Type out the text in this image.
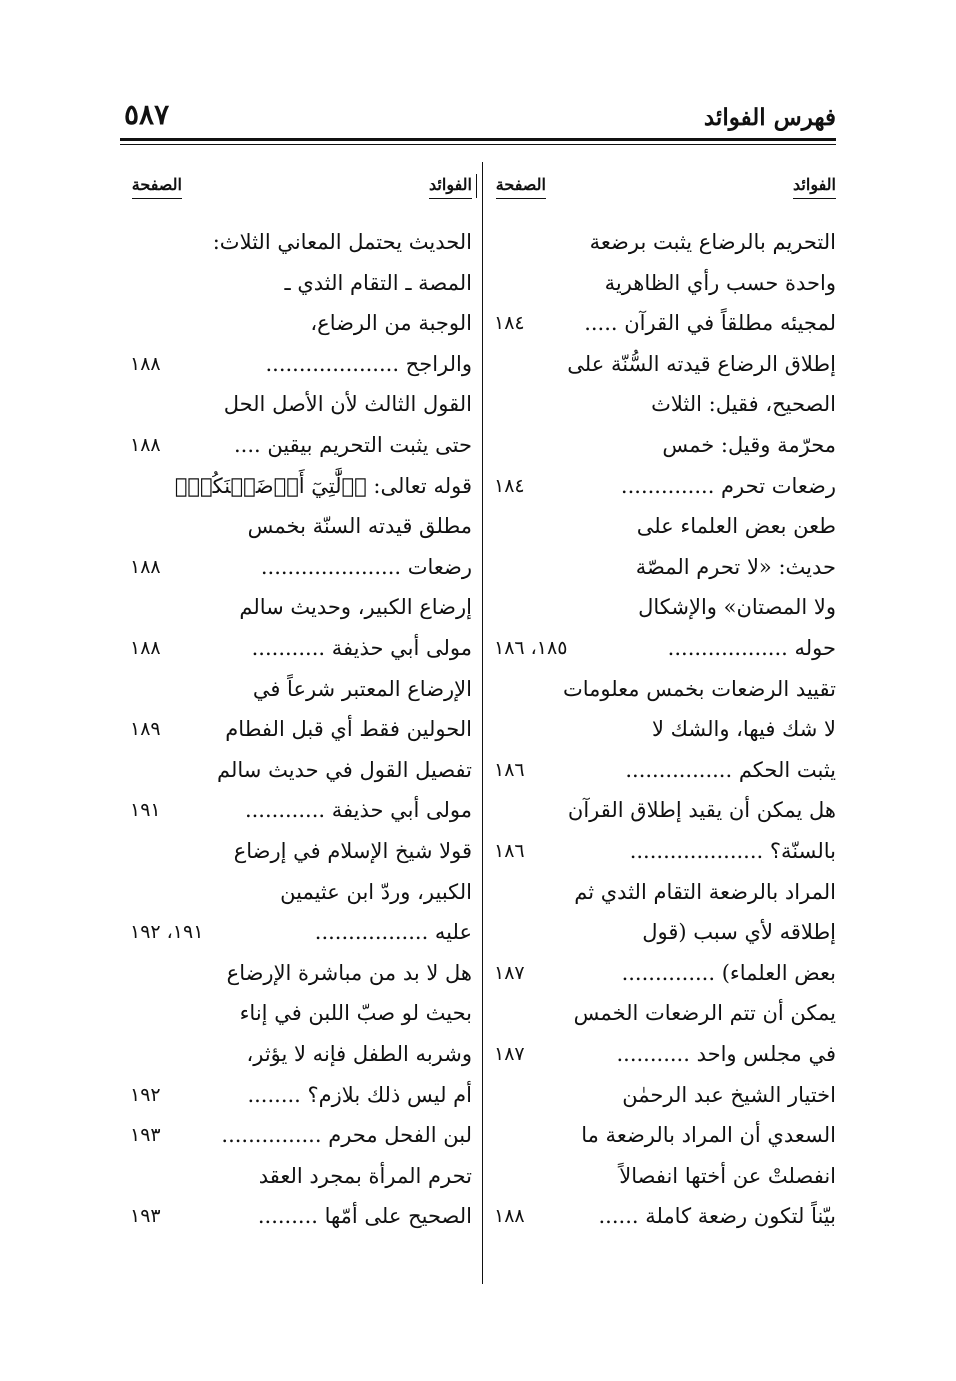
فهرس الفوائد
٥٨٧
الفوائد
الصفحة
الفوائد
الصفحة
التحريم بالرضاع يثبت برضعة
واحدة حسب رأي الظاهرية
لمجيئه مطلقاً في القرآن .....
١٨٤
إطلاق الرضاع قيدته السُّنّة على
الصحيح، فقيل: الثلاث
محرّمة وقيل: خمس
رضعات تحرم ..............
١٨٤
طعن بعض العلماء على
حديث: «لا تحرم المصّة
ولا المصتان» والإشكال
حوله ..................
١٨٥، ١٨٦
تقييد الرضعات بخمس معلومات
لا شك فيها، والشك لا
يثبت الحكم ................
١٨٦
هل يمكن أن يقيد إطلاق القرآن
بالسنّة؟ ....................
١٨٦
المراد بالرضعة التقام الثدي ثم
إطلاقه لأي سبب (قول
بعض العلماء) ..............
١٨٧
يمكن أن تتم الرضعات الخمس
في مجلس واحد ...........
١٨٧
اختيار الشيخ عبد الرحمٰن
السعدي أن المراد بالرضعة ما
انفصلتْ عن أختها انفصالاً
بيّناً لتكون رضعة كاملة ......
١٨٨
الحديث يحتمل المعاني الثلاث:
المصة ـ التقام الثدي ـ
الوجبة من الرضاع،
والراجح ....................
١٨٨
القول الثالث لأن الأصل الحل
حتى يثبت التحريم بيقين ....
١٨٨
قوله تعالى: ﴿ٱلَّٰتِيٓ أَرۡضَعۡنَكُمۡ﴾
مطلق قيدته السنّة بخمس
رضعات .....................
١٨٨
إرضاع الكبير، وحديث سالم
مولى أبي حذيفة ...........
١٨٨
الإرضاع المعتبر شرعاً في
الحولين فقط أي قبل الفطام
١٨٩
تفصيل القول في حديث سالم
مولى أبي حذيفة ............
١٩١
قولا شيخ الإسلام في إرضاع
الكبير، وردّ ابن عثيمين
عليه .................
١٩١، ١٩٢
هل لا بد من مباشرة الإرضاع
بحيث لو صبّ اللبن في إناء
وشربه الطفل فإنه لا يؤثر،
أم ليس ذلك بلازم؟ ........
١٩٢
لبن الفحل محرم ...............
١٩٣
تحرم المرأة بمجرد العقد
الصحيح على أمّها .........
١٩٣
